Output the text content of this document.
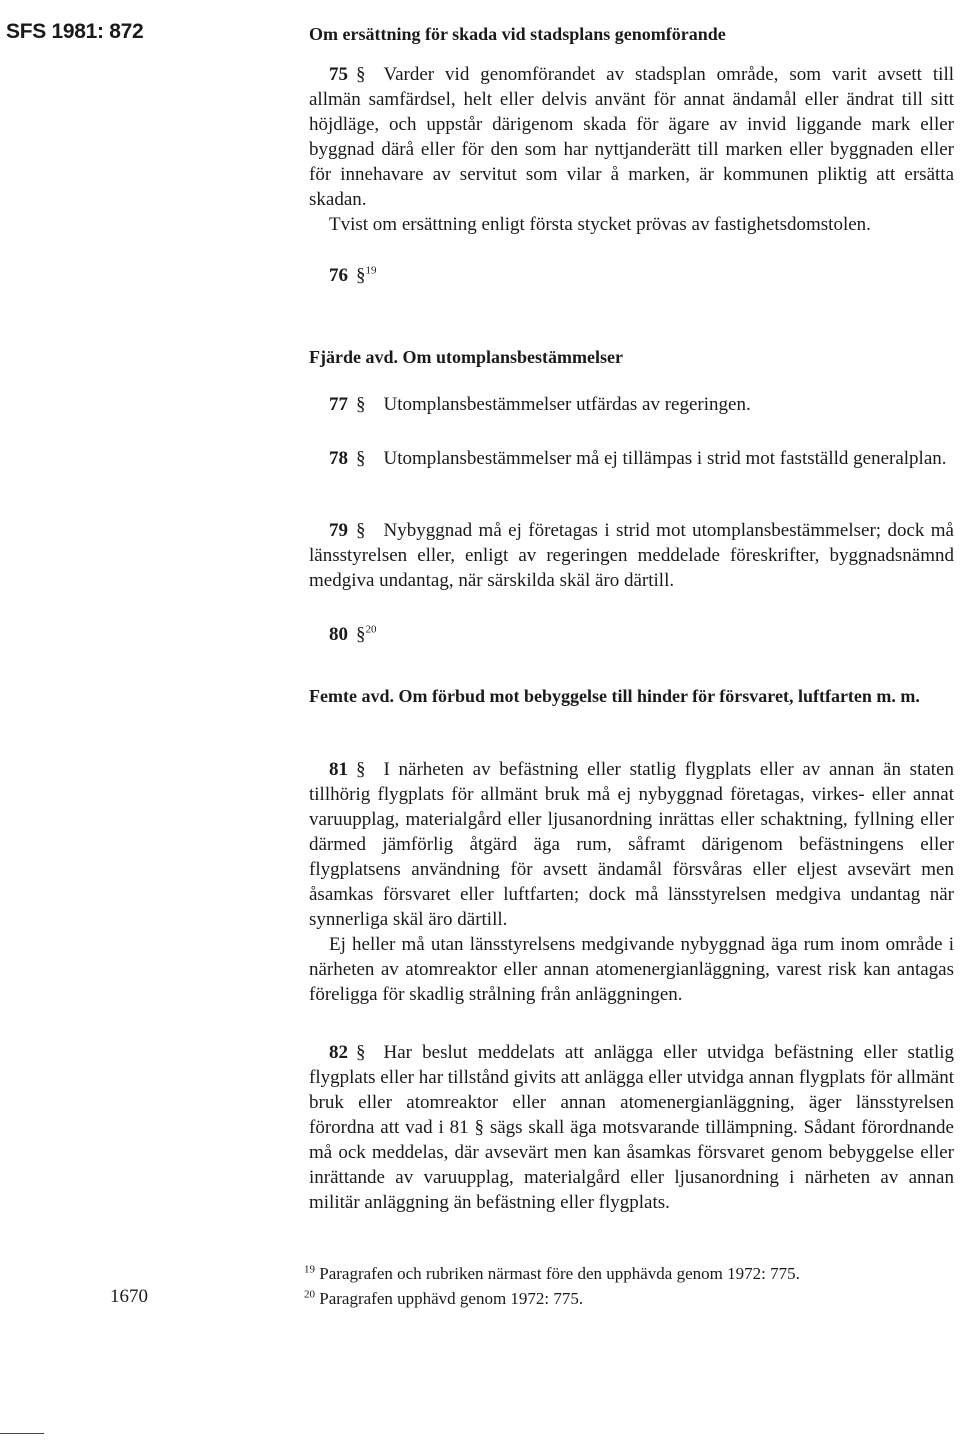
SFS 1981: 872
1670

Om ersättning för skada vid stadsplans genomförande

75 § Varder vid genomförandet av stadsplan område, som varit avsett till allmän samfärdsel, helt eller delvis använt för annat ändamål eller ändrat till sitt höjdläge, och uppstår därigenom skada för ägare av invid liggande mark eller byggnad därå eller för den som har nyttjanderätt till marken eller byggnaden eller för innehavare av servitut som vilar å marken, är kommunen pliktig att ersätta skadan.

Tvist om ersättning enligt första stycket prövas av fastighetsdomstolen.

76 §$^{19}$

Fjärde avd. Om utomplansbestämmelser

77 § Utomplansbestämmelser utfärdas av regeringen.

78 § Utomplansbestämmelser må ej tillämpas i strid mot fastställd generalplan.

79 § Nybyggnad må ej företagas i strid mot utomplansbestämmelser; dock må länsstyrelsen eller, enligt av regeringen meddelade föreskrifter, byggnadsnämnd medgiva undantag, när särskilda skäl äro därtill.

80 §$^{20}$

Femte avd. Om förbud mot bebyggelse till hinder för försvaret, luftfarten m. m.

81 § I närheten av befästning eller statlig flygplats eller av annan än staten tillhörig flygplats för allmänt bruk må ej nybyggnad företagas, virkes- eller annat varuupplag, materialgård eller ljusanordning inrättas eller schaktning, fyllning eller därmed jämförlig åtgärd äga rum, såframt därigenom befästningens eller flygplatsens användning för avsett ändamål försvåras eller eljest avsevärt men åsamkas försvaret eller luftfarten; dock må länsstyrelsen medgiva undantag när synnerliga skäl äro därtill.

Ej heller må utan länsstyrelsens medgivande nybyggnad äga rum inom område i närheten av atomreaktor eller annan atomenergianläggning, varest risk kan antagas föreligga för skadlig strålning från anläggningen.

82 § Har beslut meddelats att anlägga eller utvidga befästning eller statlig flygplats eller har tillstånd givits att anlägga eller utvidga annan flygplats för allmänt bruk eller atomreaktor eller annan atomenergianläggning, äger länsstyrelsen förordna att vad i 81 § sägs skall äga motsvarande tillämpning. Sådant förordnande må ock meddelas, där avsevärt men kan åsamkas försvaret genom bebyggelse eller inrättande av varuupplag, materialgård eller ljusanordning i närheten av annan militär anläggning än befästning eller flygplats.

$^{19}$ Paragrafen och rubriken närmast före den upphävda genom 1972: 775.

$^{20}$ Paragrafen upphävd genom 1972: 775.
